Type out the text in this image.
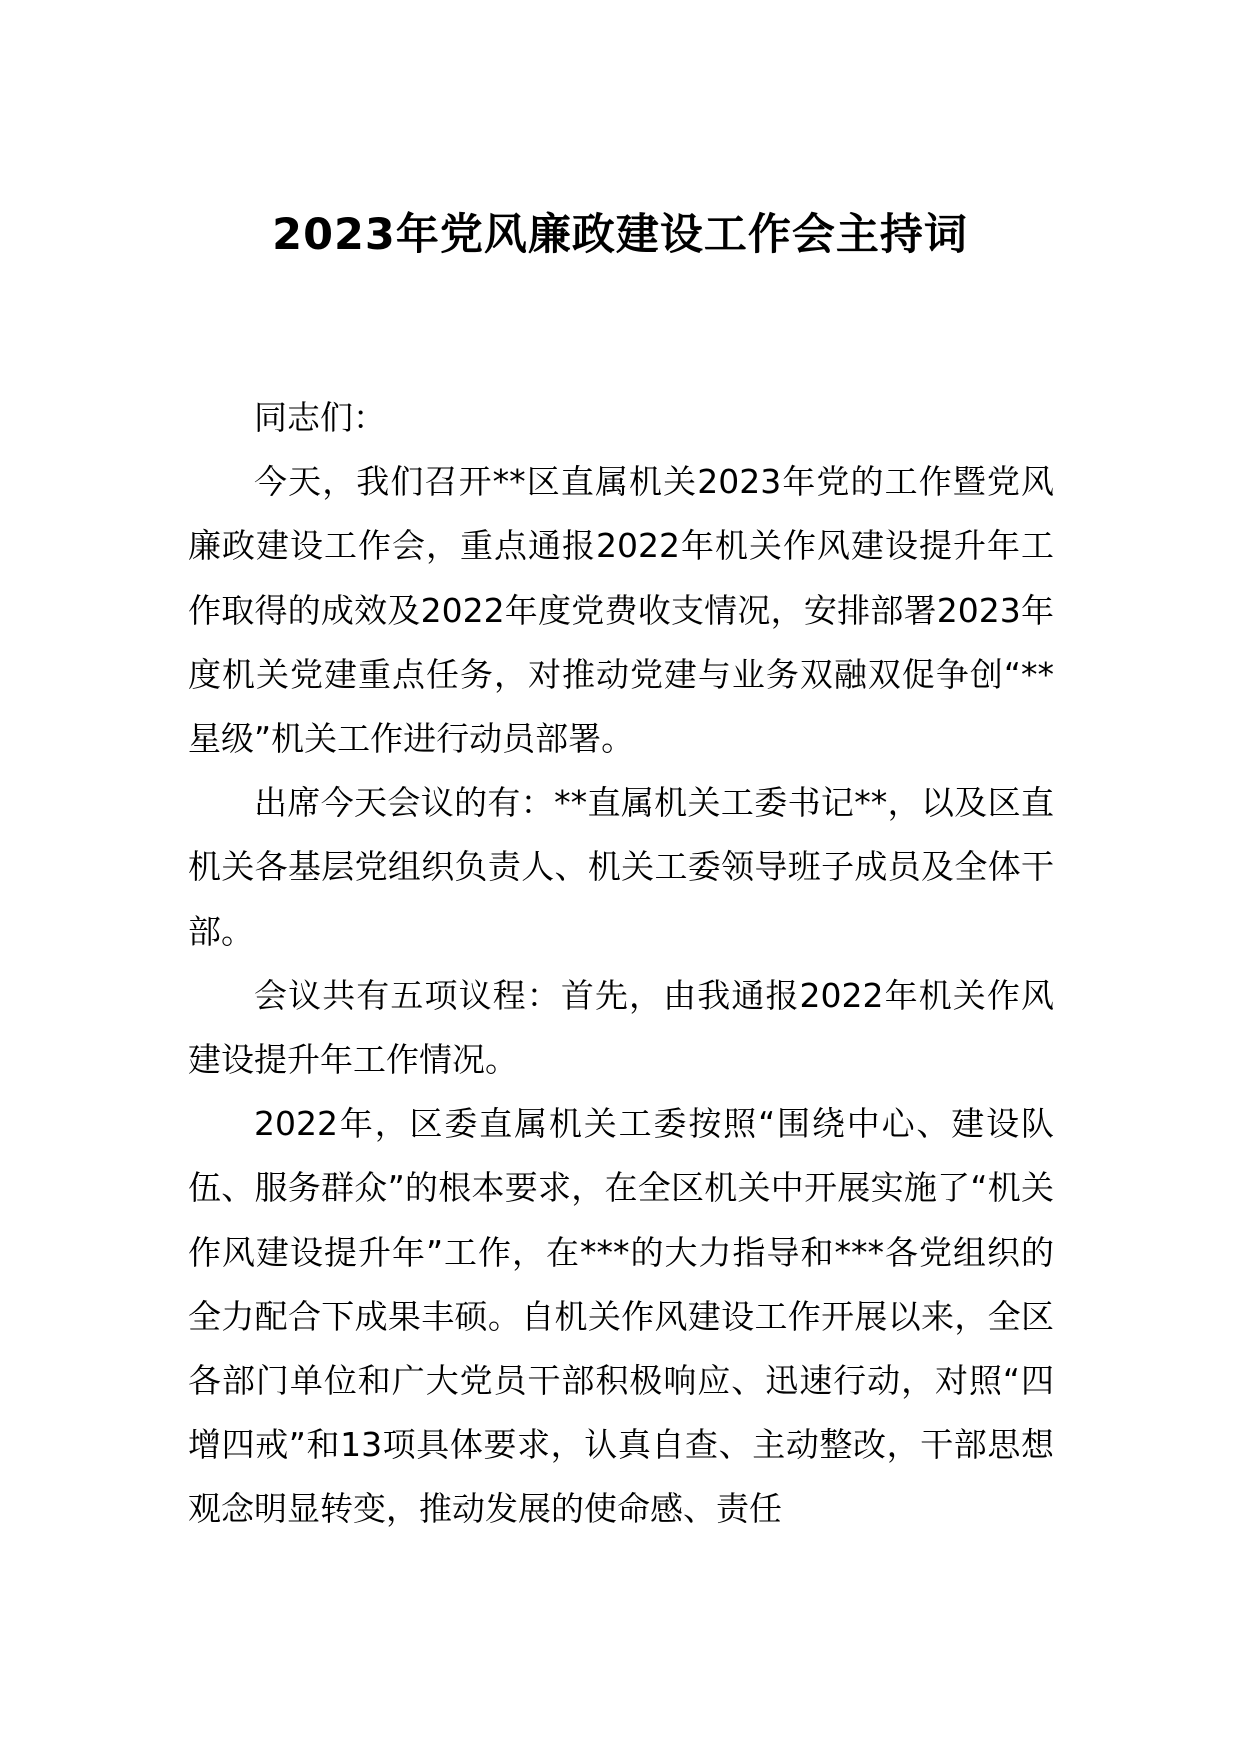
2023年党风廉政建设工作会主持词

同志们：

今天，我们召开**区直属机关2023年党的工作暨党风廉政建设工作会，重点通报2022年机关作风建设提升年工作取得的成效及2022年度党费收支情况，安排部署2023年度机关党建重点任务，对推动党建与业务双融双促争创“**星级”机关工作进行动员部署。

出席今天会议的有：**直属机关工委书记**，以及区直机关各基层党组织负责人、机关工委领导班子成员及全体干部。

会议共有五项议程：首先，由我通报2022年机关作风建设提升年工作情况。

2022年，区委直属机关工委按照“围绕中心、建设队伍、服务群众”的根本要求，在全区机关中开展实施了“机关作风建设提升年”工作，在***的大力指导和***各党组织的全力配合下成果丰硕。自机关作风建设工作开展以来，全区各部门单位和广大党员干部积极响应、迅速行动，对照“四增四戒”和13项具体要求，认真自查、主动整改，干部思想观念明显转变，推动发展的使命感、责任
